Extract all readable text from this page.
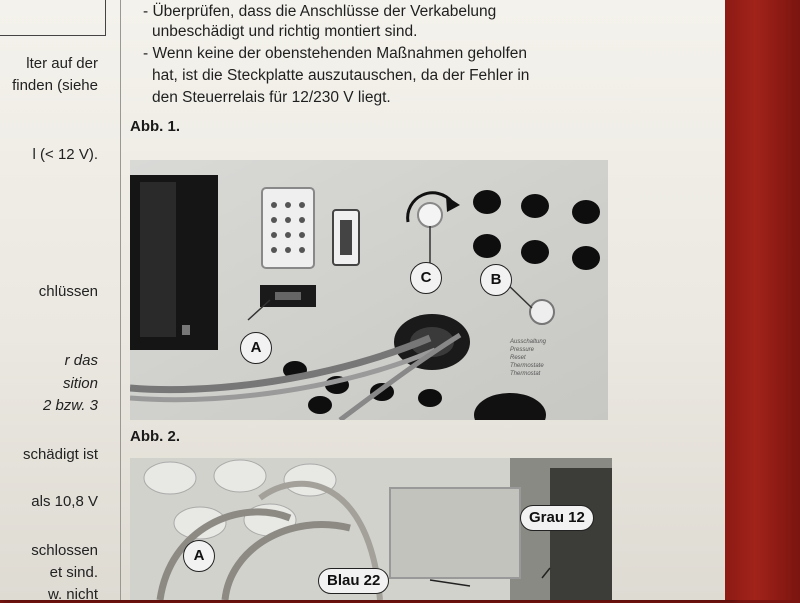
lter auf der
finden (siehe
l (< 12 V).
chlüssen
r das
sition
2 bzw. 3
schädigt ist
als 10,8 V
schlossen
et sind.
w. nicht
- Überprüfen, dass die Anschlüsse der Verkabelung
unbeschädigt und richtig montiert sind.
- Wenn keine der obenstehenden Maßnahmen geholfen
hat, ist die Steckplatte auszutauschen, da der Fehler in
den Steuerrelais für 12/230 V liegt.
Abb. 1.
Ausschaltung
Pressure
Reset
Thermostate
Thermostat
A
C	B
Abb. 2.
A
Grau 12
Blau 22
